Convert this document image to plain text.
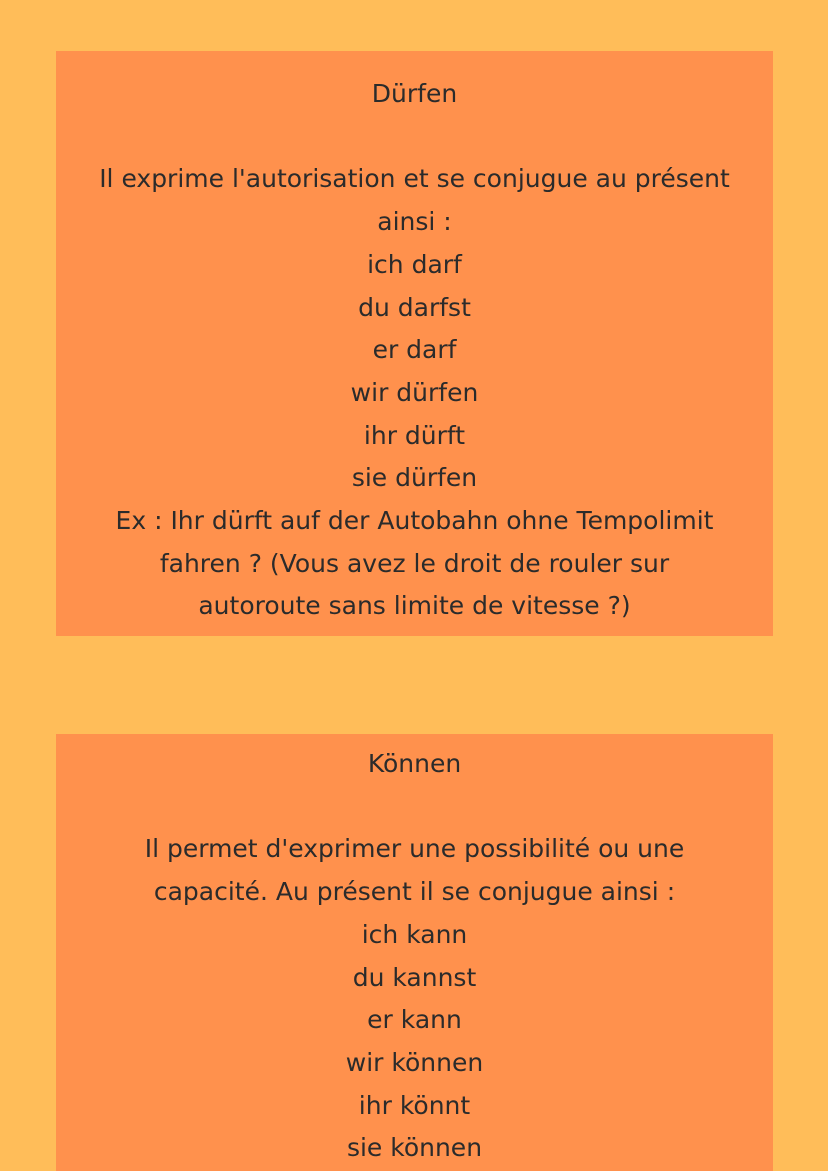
Dürfen
Il exprime l'autorisation et se conjugue au présent
ainsi :
ich darf
du darfst
er darf
wir dürfen
ihr dürft
sie dürfen
Ex : Ihr dürft auf der Autobahn ohne Tempolimit
fahren ? (Vous avez le droit de rouler sur
autoroute sans limite de vitesse ?)
Können
Il permet d'exprimer une possibilité ou une
capacité. Au présent il se conjugue ainsi :
ich kann
du kannst
er kann
wir können
ihr könnt
sie können
